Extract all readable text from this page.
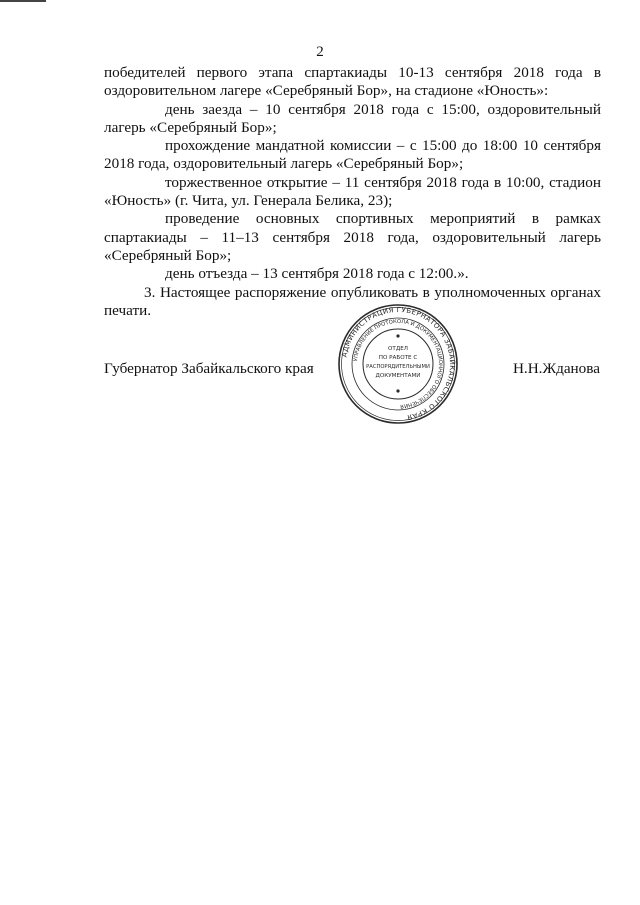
2

победителей первого этапа спартакиады 10-13 сентября 2018 года в оздоровительном лагере «Серебряный Бор», на стадионе «Юность»:

день заезда – 10 сентября 2018 года с 15:00, оздоровительный лагерь «Серебряный Бор»;

прохождение мандатной комиссии – с 15:00 до 18:00 10 сентября 2018 года, оздоровительный лагерь «Серебряный Бор»;

торжественное открытие – 11 сентября 2018 года в 10:00, стадион «Юность» (г. Чита, ул. Генерала Белика, 23);

проведение основных спортивных мероприятий в рамках спартакиады – 11–13 сентября 2018 года, оздоровительный лагерь «Серебряный Бор»;

день отъезда – 13 сентября 2018 года с 12:00.».

3. Настоящее распоряжение опубликовать в уполномоченных органах печати.

Губернатор Забайкальского края	Н.Н.Жданова
АДМИНИСТРАЦИЯ ГУБЕРНАТОРА ЗАБАЙКАЛЬСКОГО КРАЯ
УПРАВЛЕНИЕ ПРОТОКОЛА И ДОКУМЕНТАЦИОННОГО ОБЕСПЕЧЕНИЯ
ОТДЕЛ
ПО РАБОТЕ С
РАСПОРЯДИТЕЛЬНЫМИ
ДОКУМЕНТАМИ
